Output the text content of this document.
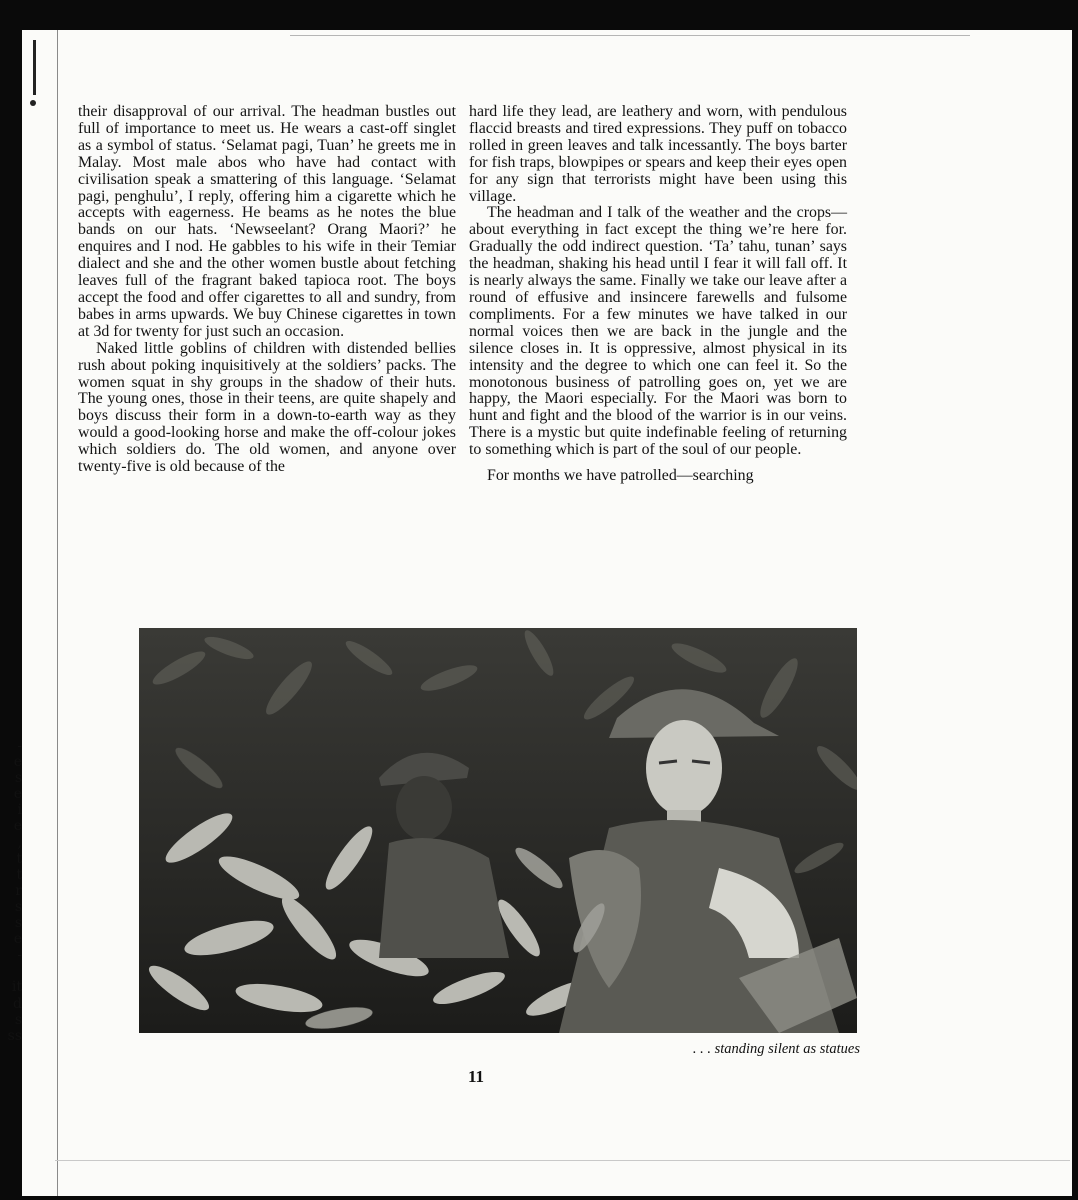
-
e
s
e
i
e
,
t
t
r
s
s
e
-
it
d
s
ss

their disapproval of our arrival. The headman bustles out full of importance to meet us. He wears a cast-off singlet as a symbol of status. ‘Selamat pagi, Tuan’ he greets me in Malay. Most male abos who have had contact with civilisation speak a smattering of this language. ‘Selamat pagi, penghulu’, I reply, offering him a cigarette which he accepts with eagerness. He beams as he notes the blue bands on our hats. ‘Newseelant? Orang Maori?’ he enquires and I nod. He gabbles to his wife in their Temiar dialect and she and the other women bustle about fetching leaves full of the fragrant baked tapioca root. The boys accept the food and offer cigarettes to all and sundry, from babes in arms upwards. We buy Chinese cigarettes in town at 3d for twenty for just such an occasion.

Naked little goblins of children with distended bellies rush about poking inquisitively at the soldiers’ packs. The women squat in shy groups in the shadow of their huts. The young ones, those in their teens, are quite shapely and boys discuss their form in a down-to-earth way as they would a good-looking horse and make the off-colour jokes which soldiers do. The old women, and anyone over twenty-five is old because of the

hard life they lead, are leathery and worn, with pendulous flaccid breasts and tired expressions. They puff on tobacco rolled in green leaves and talk incessantly. The boys barter for fish traps, blowpipes or spears and keep their eyes open for any sign that terrorists might have been using this village.

The headman and I talk of the weather and the crops—about everything in fact except the thing we’re here for. Gradually the odd indirect question. ‘Ta’ tahu, tunan’ says the headman, shaking his head until I fear it will fall off. It is nearly always the same. Finally we take our leave after a round of effusive and insincere farewells and fulsome compliments. For a few minutes we have talked in our normal voices then we are back in the jungle and the silence closes in. It is oppressive, almost physical in its intensity and the degree to which one can feel it. So the monotonous business of patrolling goes on, yet we are happy, the Maori especially. For the Maori was born to hunt and fight and the blood of the warrior is in our veins. There is a mystic but quite indefinable feeling of returning to something which is part of the soul of our people.

For months we have patrolled—searching

. . . standing silent as statues
11
